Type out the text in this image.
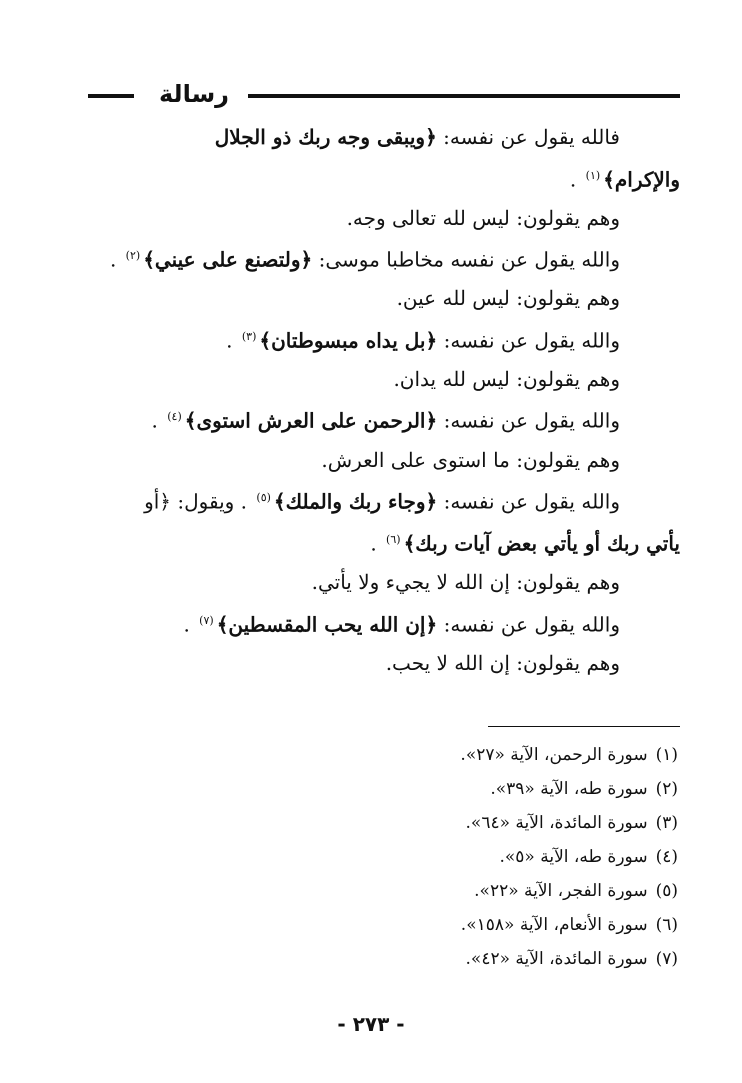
رسالة
فالله يقول عن نفسه: ﴿ويبقى وجه ربك ذو الجلال
والإكرام﴾$^{(١)}$ .
وهم يقولون: ليس لله تعالى وجه.
والله يقول عن نفسه مخاطبا موسى: ﴿ولتصنع على عيني﴾$^{(٢)}$ .
وهم يقولون: ليس لله عين.
والله يقول عن نفسه: ﴿بل يداه مبسوطتان﴾$^{(٣)}$ .
وهم يقولون: ليس لله يدان.
والله يقول عن نفسه: ﴿الرحمن على العرش استوى﴾$^{(٤)}$ .
وهم يقولون: ما استوى على العرش.
والله يقول عن نفسه: ﴿وجاء ربك والملك﴾$^{(٥)}$ . ويقول: ﴿أو
يأتي ربك أو يأتي بعض آيات ربك﴾$^{(٦)}$ .
وهم يقولون: إن الله لا يجيء ولا يأتي.
والله يقول عن نفسه: ﴿إن الله يحب المقسطين﴾$^{(٧)}$ .
وهم يقولون: إن الله لا يحب.
(١)سورة الرحمن، الآية «٢٧».
(٢)سورة طه، الآية «٣٩».
(٣)سورة المائدة، الآية «٦٤».
(٤)سورة طه، الآية «٥».
(٥)سورة الفجر، الآية «٢٢».
(٦)سورة الأنعام، الآية «١٥٨».
(٧)سورة المائدة، الآية «٤٢».
- ٢٧٣ -
